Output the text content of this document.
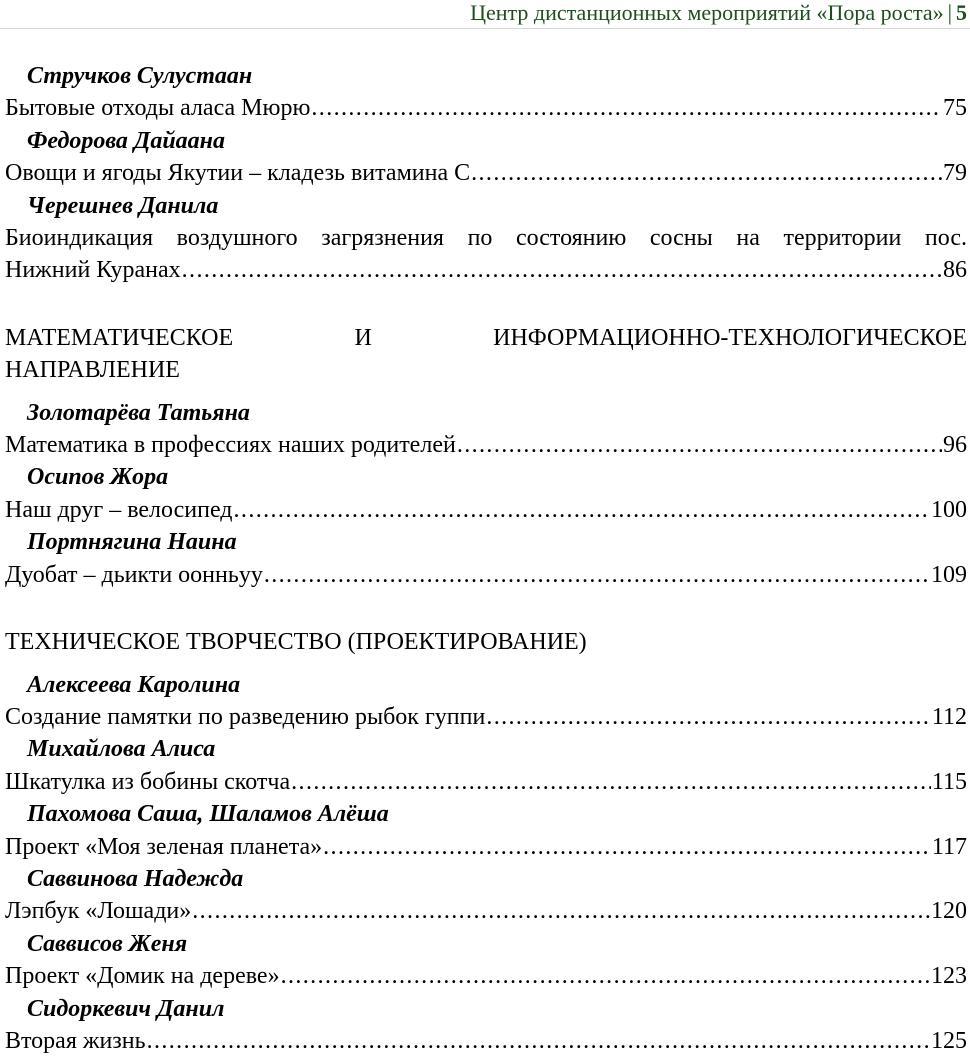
Центр дистанционных мероприятий «Пора роста» | 5
Стручков Сулустаан
Бытовые отходы аласа Мюрю . . .	75
Федорова Дайаана
Овощи и ягоды Якутии – кладезь витамина С . . .	79
Черешнев Данила
Биоиндикация воздушного загрязнения по состоянию сосны на территории пос.
Нижний Куранах . . .	86
МАТЕМАТИЧЕСКОЕ И ИНФОРМАЦИОННО-ТЕХНОЛОГИЧЕСКОЕ
НАПРАВЛЕНИЕ
Золотарёва Татьяна
Математика в профессиях наших родителей . . .	96
Осипов Жора
Наш друг – велосипед . . .	100
Портнягина Наина
Дуобат – дьикти оонньуу . . .	109
ТЕХНИЧЕСКОЕ ТВОРЧЕСТВО (ПРОЕКТИРОВАНИЕ)
Алексеева Каролина
Создание памятки по разведению рыбок гуппи . . .	112
Михайлова Алиса
Шкатулка из бобины скотча . . .	115
Пахомова Саша, Шаламов Алёша
Проект «Моя зеленая планета» . . .	117
Саввинова Надежда
Лэпбук «Лошади» . . .	120
Саввисов Женя
Проект «Домик на дереве» . . .	123
Сидоркевич Данил
Вторая жизнь . . .	125
